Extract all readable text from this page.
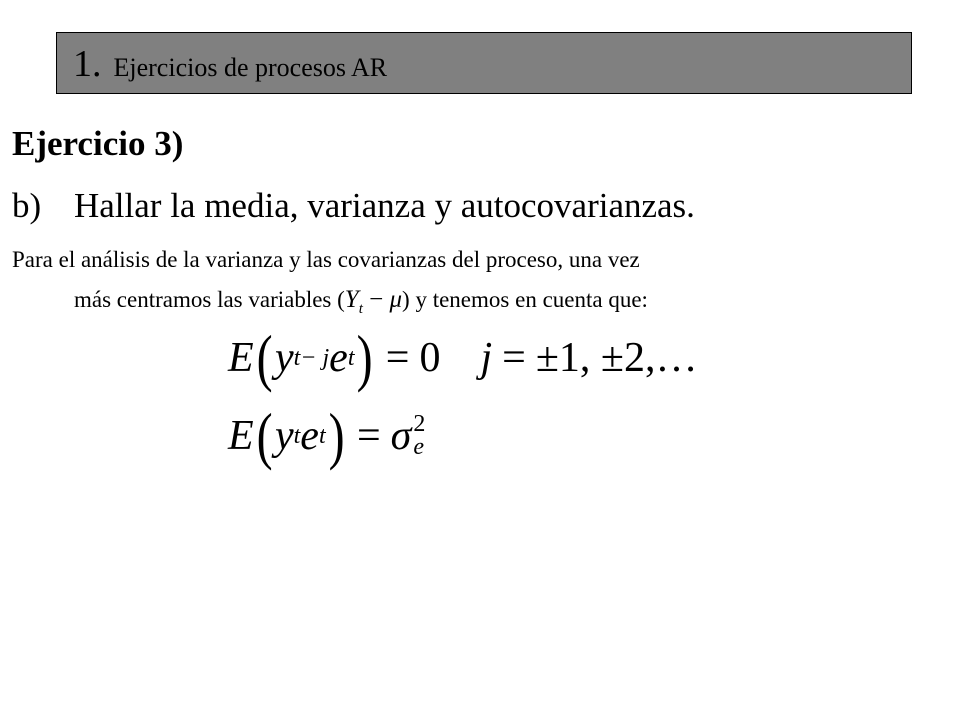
1. Ejercicios de procesos AR
Ejercicio 3)
b) Hallar la media, varianza y autocovarianzas.
Para el análisis de la varianza y las covarianzas del proceso, una vez
más centramos las variables $(Y_t - \mu)$ y tenemos en cuenta que:
E ( y t− j e t ) = 0 j = ±1, ±2,…
E ( y t e t ) = σ 2
e
